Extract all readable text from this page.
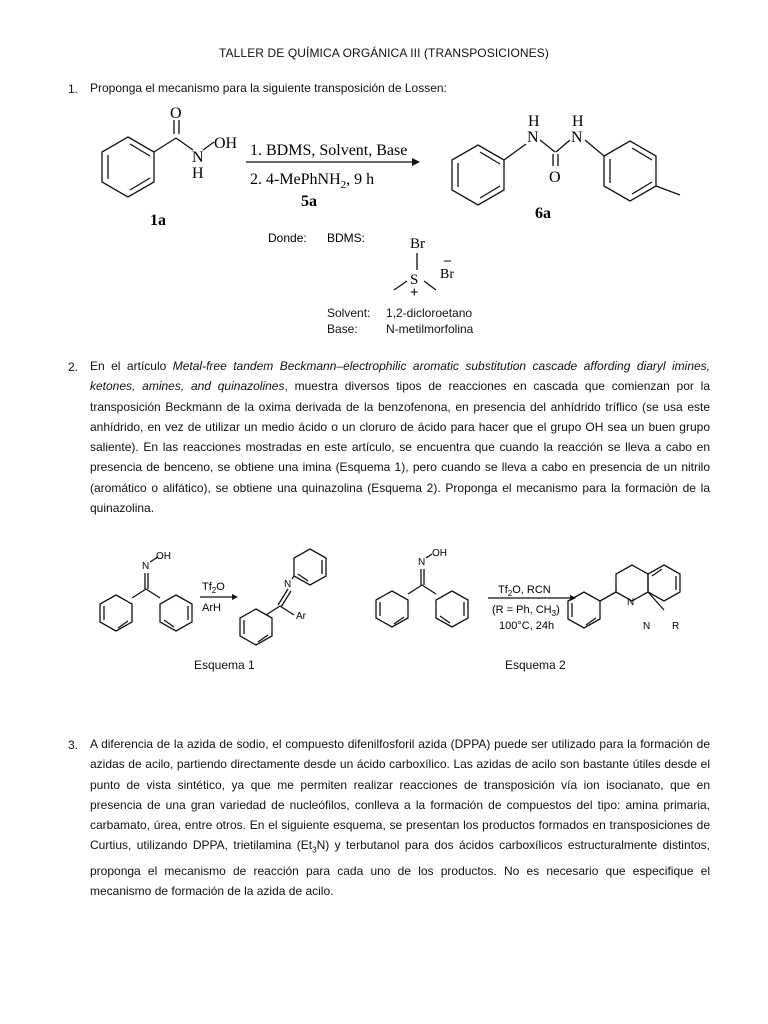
TALLER DE QUÍMICA ORGÁNICA III (TRANSPOSICIONES)
1. Proponga el mecanismo para la siguiente transposición de Lossen:
O
N
H
OH
1a
1. BDMS, Solvent, Base
2. 4-MePhNH$_2$, 9 h
5a
N
H
O
N
H
6a
Donde: BDMS:	Br
S
+
Br
–
Solvent: 1,2-dicloroetano
Base: N-metilmorfolina
2. En el artículo Metal-free tandem Beckmann–electrophilic aromatic substitution cascade affording diaryl imines, ketones, amines, and quinazolines, muestra diversos tipos de reacciones en cascada que comienzan por la transposición Beckmann de la oxima derivada de la benzofenona, en presencia del anhídrido tríflico (se usa este anhídrido, en vez de utilizar un medio ácido o un cloruro de ácido para hacer que el grupo OH sea un buen grupo saliente). En las reacciones mostradas en este artículo, se encuentra que cuando la reacción se lleva a cabo en presencia de benceno, se obtiene una imina (Esquema 1), pero cuando se lleva a cabo en presencia de un nitrilo (aromático o alifático), se obtiene una quinazolina (Esquema 2). Proponga el mecanismo para la formación de la quinazolina.
N
OH
$Tf_2O$
ArH
N
Ar
N
OH
$Tf_2O$, RCN
(R = Ph, $CH_3$)
100°C, 24h
N
N R
Esquema 1	Esquema 2
3. A diferencia de la azida de sodio, el compuesto difenilfosforil azida (DPPA) puede ser utilizado para la formación de azidas de acilo, partiendo directamente desde un ácido carboxílico. Las azidas de acilo son bastante útiles desde el punto de vista sintético, ya que me permiten realizar reacciones de transposición vía ion isocianato, que en presencia de una gran variedad de nucleófilos, conlleva a la formación de compuestos del tipo: amina primaria, carbamato, úrea, entre otros. En el siguiente esquema, se presentan los productos formados en transposiciones de Curtius, utilizando DPPA, trietilamina $(Et_3N)$ y terbutanol para dos ácidos carboxílicos estructuralmente distintos, proponga el mecanismo de reacción para cada uno de los productos. No es necesario que especifique el mecanismo de formación de la azida de acilo.
